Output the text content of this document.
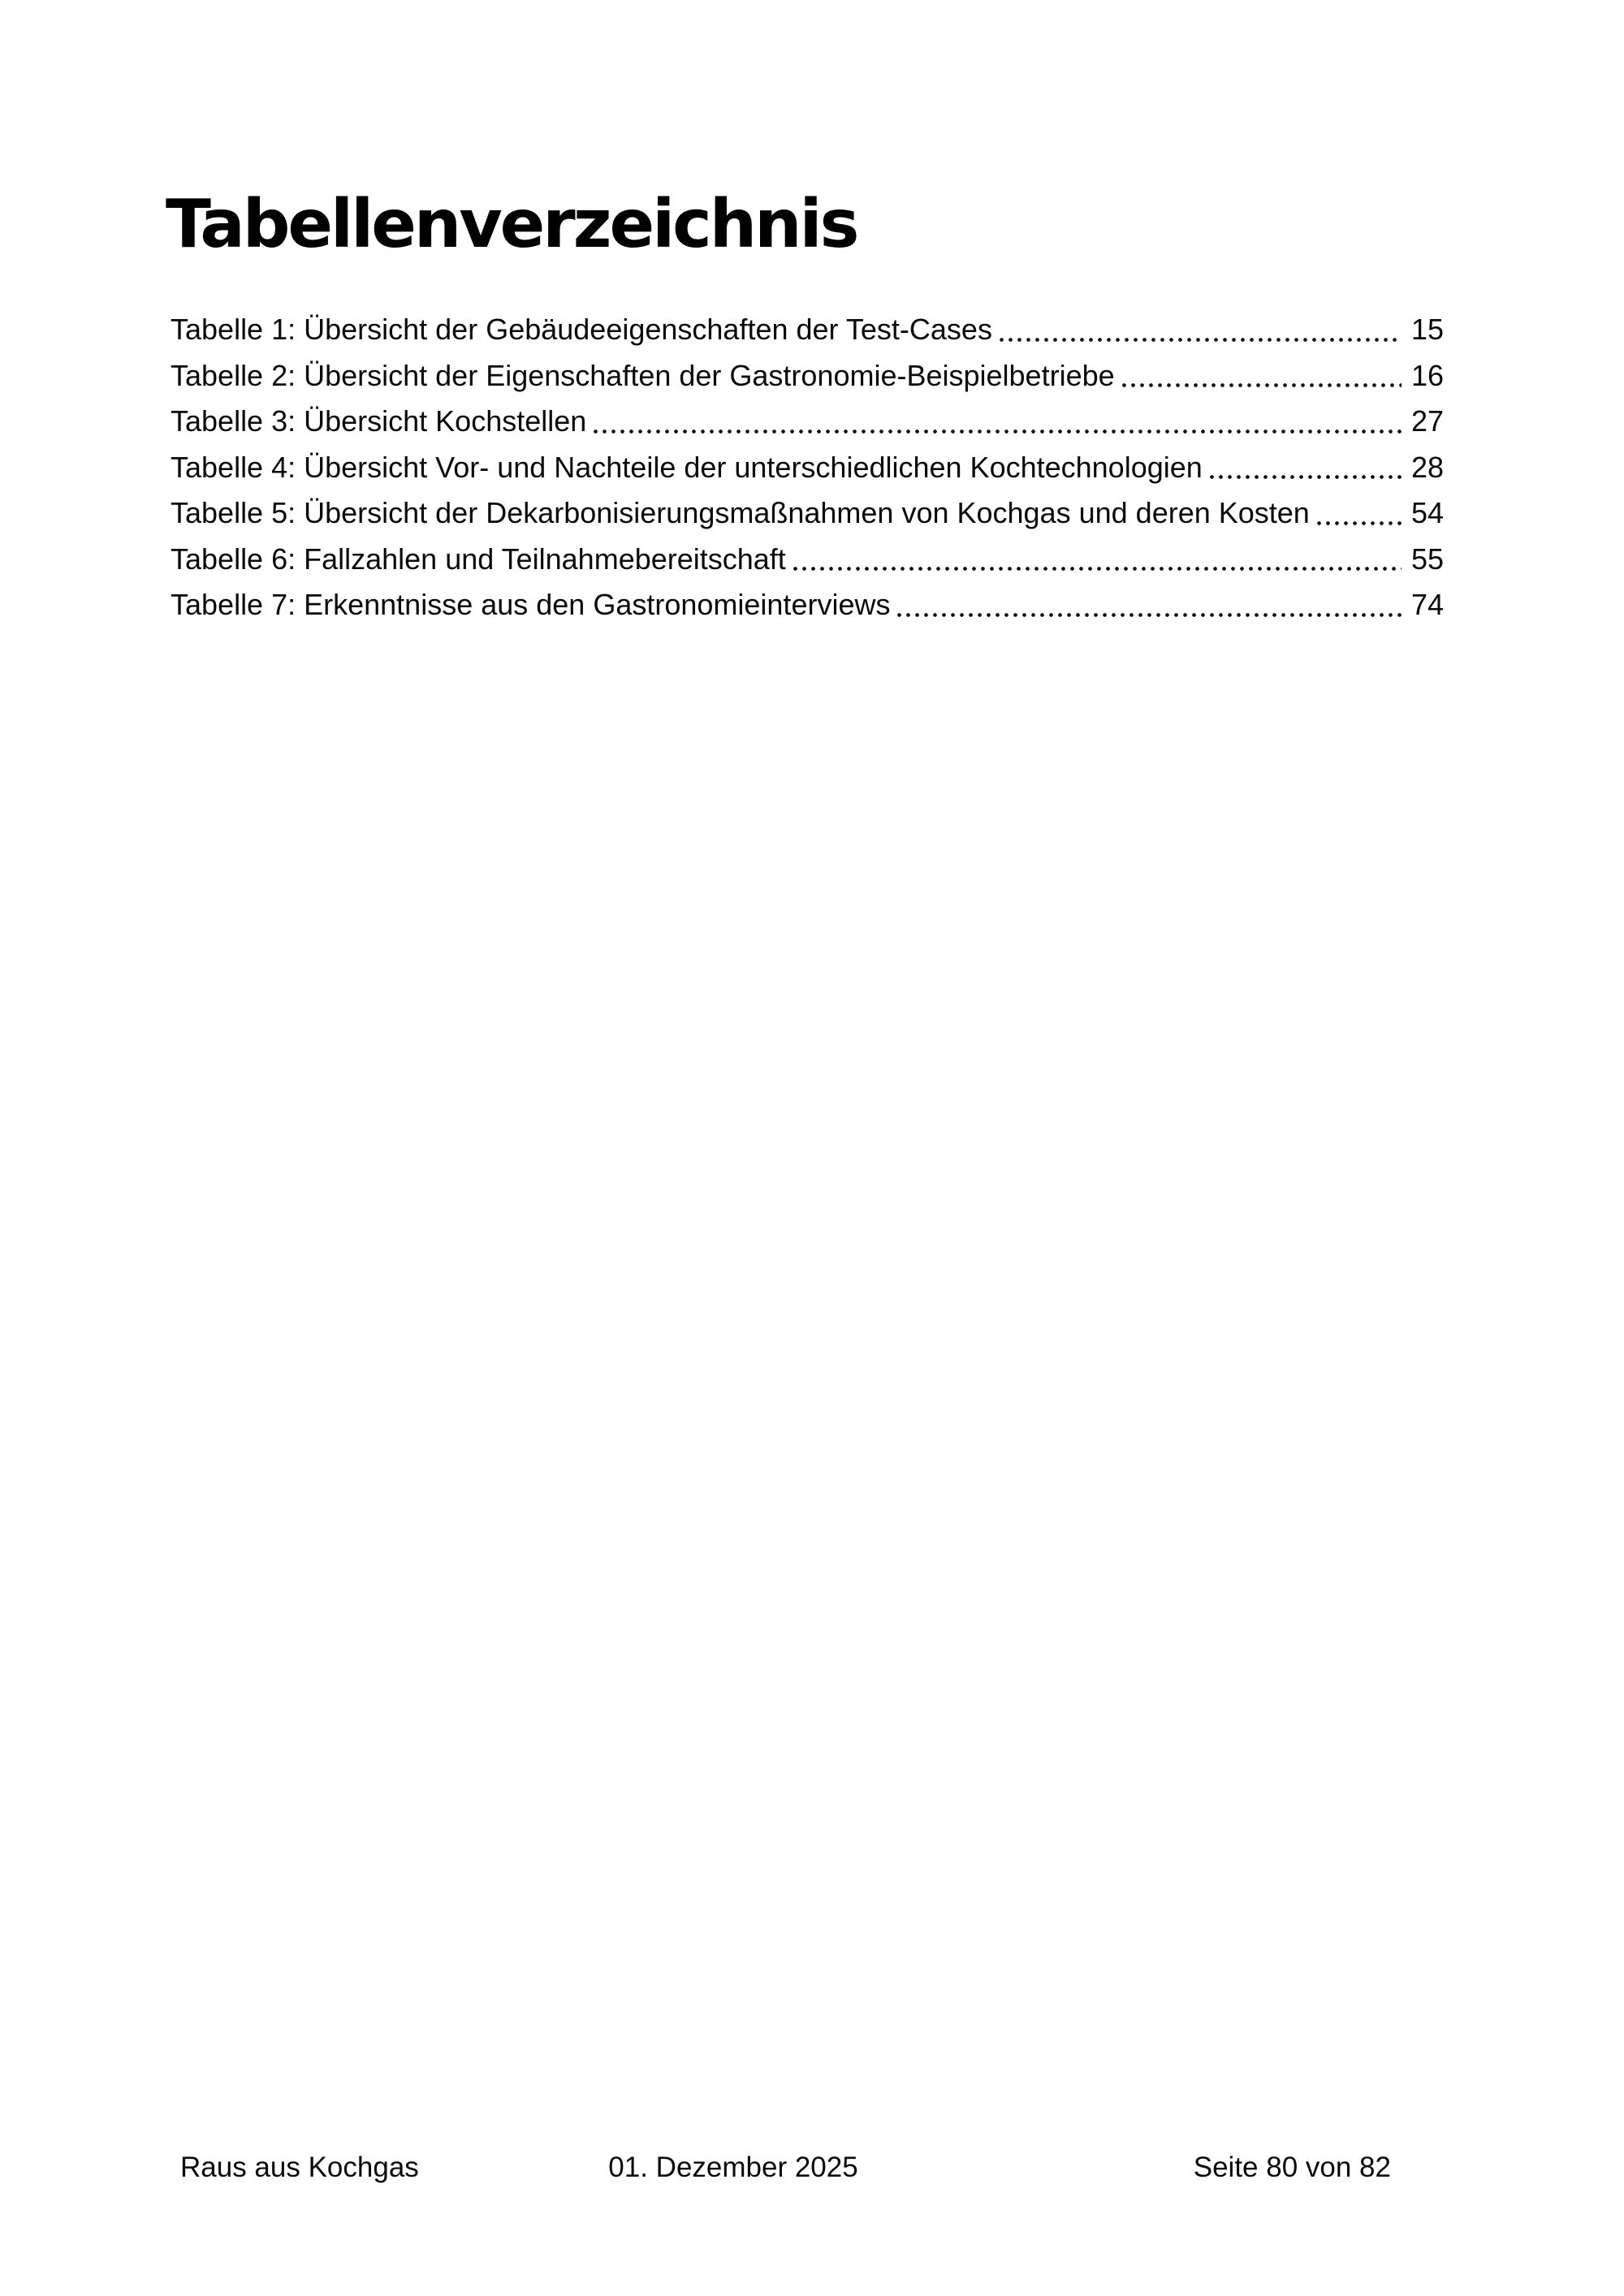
Tabellenverzeichnis
Tabelle 1: Übersicht der Gebäudeeigenschaften der Test-Cases	15
Tabelle 2: Übersicht der Eigenschaften der Gastronomie-Beispielbetriebe	16
Tabelle 3: Übersicht Kochstellen	27
Tabelle 4: Übersicht Vor- und Nachteile der unterschiedlichen Kochtechnologien	28
Tabelle 5: Übersicht der Dekarbonisierungsmaßnahmen von Kochgas und deren Kosten	54
Tabelle 6: Fallzahlen und Teilnahmebereitschaft	55
Tabelle 7: Erkenntnisse aus den Gastronomieinterviews	74
Raus aus Kochgas	01. Dezember 2025	Seite 80 von 82
